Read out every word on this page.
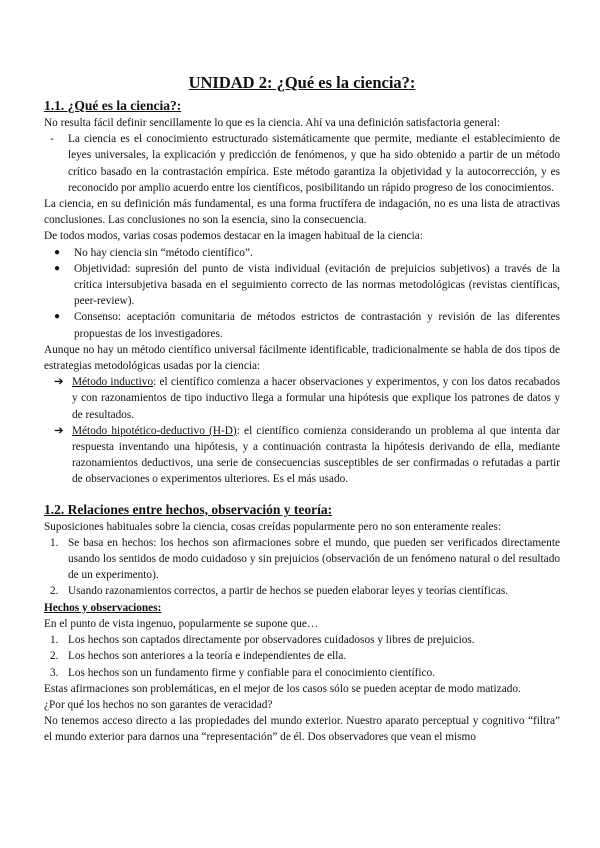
UNIDAD 2: ¿Qué es la ciencia?:
1.1. ¿Qué es la ciencia?:

No resulta fácil definir sencillamente lo que es la ciencia. Ahí va una definición satisfactoria general:

-	La ciencia es el conocimiento estructurado sistemáticamente que permite, mediante el establecimiento de leyes universales, la explicación y predicción de fenómenos, y que ha sido obtenido a partir de un método crítico basado en la contrastación empírica. Este método garantiza la objetividad y la autocorrección, y es reconocido por amplio acuerdo entre los científicos, posibilitando un rápido progreso de los conocimientos.

La ciencia, en su definición más fundamental, es una forma fructífera de indagación, no es una lista de atractivas conclusiones. Las conclusiones no son la esencia, sino la consecuencia.

De todos modos, varias cosas podemos destacar en la imagen habitual de la ciencia:

●	No hay ciencia sin “método científico”.
●	Objetividad: supresión del punto de vista individual (evitación de prejuicios subjetivos) a través de la crítica intersubjetiva basada en el seguimiento correcto de las normas metodológicas (revistas científicas, peer-review).
●	Consenso: aceptación comunitaria de métodos estrictos de contrastación y revisión de las diferentes propuestas de los investigadores.

Aunque no hay un método científico universal fácilmente identificable, tradicionalmente se habla de dos tipos de estrategias metodológicas usadas por la ciencia:

➔ Método inductivo: el científico comienza a hacer observaciones y experimentos, y con los datos recabados y con razonamientos de tipo inductivo llega a formular una hipótesis que explique los patrones de datos y de resultados.
➔ Método hipotético-deductivo (H-D): el científico comienza considerando un problema al que intenta dar respuesta inventando una hipótesis, y a continuación contrasta la hipótesis derivando de ella, mediante razonamientos deductivos, una serie de consecuencias susceptibles de ser confirmadas o refutadas a partir de observaciones o experimentos ulteriores. Es el más usado.
1.2. Relaciones entre hechos, observación y teoría:

Suposiciones habituales sobre la ciencia, cosas creídas popularmente pero no son enteramente reales:

1. Se basa en hechos: los hechos son afirmaciones sobre el mundo, que pueden ser verificados directamente usando los sentidos de modo cuidadoso y sin prejuicios (observación de un fenómeno natural o del resultado de un experimento).
2. Usando razonamientos correctos, a partir de hechos se pueden elaborar leyes y teorías científicas.
Hechos y observaciones:

En el punto de vista ingenuo, popularmente se supone que…

1. Los hechos son captados directamente por observadores cuidadosos y libres de prejuicios.
2. Los hechos son anteriores a la teoría e independientes de ella.
3. Los hechos son un fundamento firme y confiable para el conocimiento científico.

Estas afirmaciones son problemáticas, en el mejor de los casos sólo se pueden aceptar de modo matizado.

¿Por qué los hechos no son garantes de veracidad?

No tenemos acceso directo a las propiedades del mundo exterior. Nuestro aparato perceptual y cognitivo “filtra” el mundo exterior para darnos una “representación” de él. Dos observadores que vean el mismo
